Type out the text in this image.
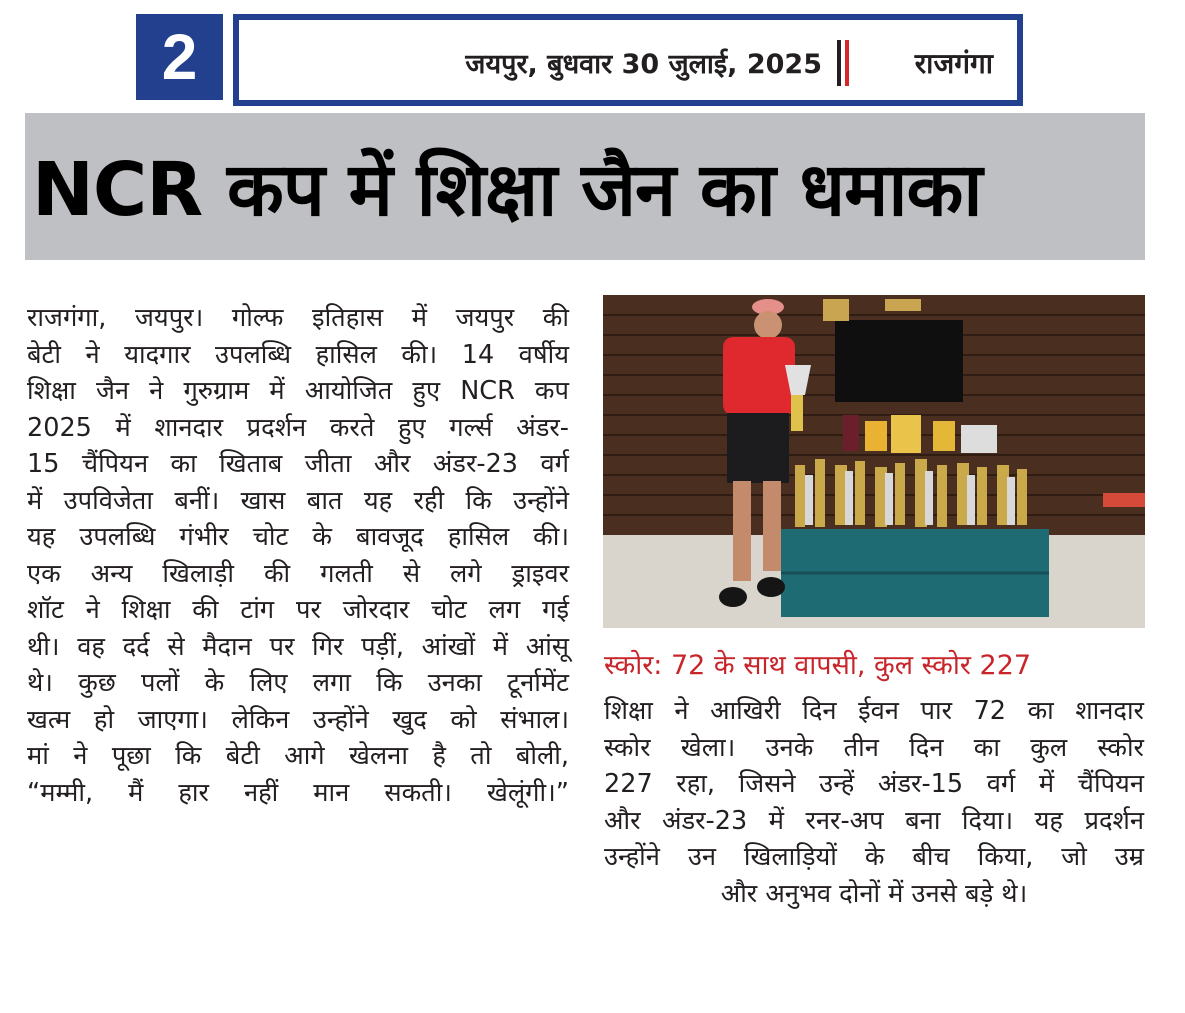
2	जयपुर, बुधवार 30 जुलाई, 2025	राजगंगा
NCR कप में शिक्षा जैन का धमाका
राजगंगा, जयपुर। गोल्फ इतिहास में जयपुर की
बेटी ने यादगार उपलब्धि हासिल की। 14 वर्षीय
शिक्षा जैन ने गुरुग्राम में आयोजित हुए NCR कप
2025 में शानदार प्रदर्शन करते हुए गर्ल्स अंडर-
15 चैंपियन का खिताब जीता और अंडर-23 वर्ग
में उपविजेता बनीं। खास बात यह रही कि उन्होंने
यह उपलब्धि गंभीर चोट के बावजूद हासिल की।
एक अन्य खिलाड़ी की गलती से लगे ड्राइवर
शॉट ने शिक्षा की टांग पर जोरदार चोट लग गई
थी। वह दर्द से मैदान पर गिर पड़ीं, आंखों में आंसू
थे। कुछ पलों के लिए लगा कि उनका टूर्नामेंट
खत्म हो जाएगा। लेकिन उन्होंने खुद को संभाल।
मां ने पूछा कि बेटी आगे खेलना है तो बोली,
“मम्मी, मैं हार नहीं मान सकती। खेलूंगी।”
स्कोर: 72 के साथ वापसी, कुल स्कोर 227
शिक्षा ने आखिरी दिन ईवन पार 72 का शानदार
स्कोर खेला। उनके तीन दिन का कुल स्कोर
227 रहा, जिसने उन्हें अंडर-15 वर्ग में चैंपियन
और अंडर-23 में रनर-अप बना दिया। यह प्रदर्शन
उन्होंने उन खिलाड़ियों के बीच किया, जो उम्र
और अनुभव दोनों में उनसे बड़े थे।
